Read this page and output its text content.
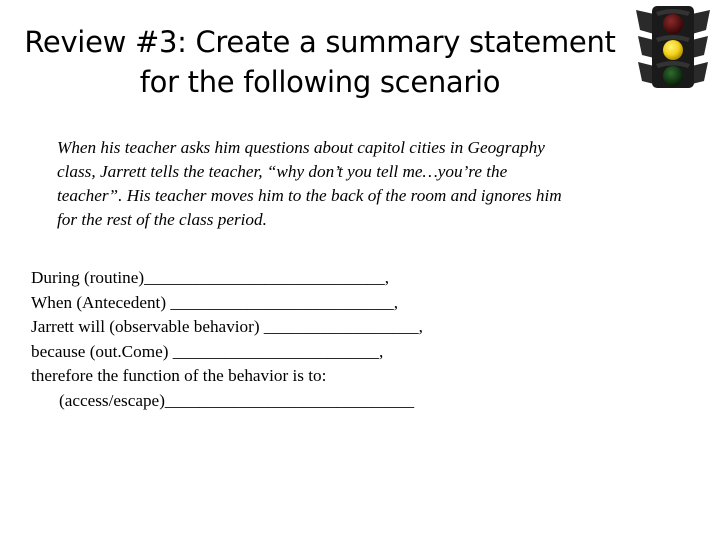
Review #3: Create a summary statement
for the following scenario
When his teacher asks him questions about capitol cities in Geography
class, Jarrett tells the teacher, “why don’t you tell me…you’re the
teacher”. His teacher moves him to the back of the room and ignores him
for the rest of the class period.
During (routine)____________________________,
When (Antecedent) __________________________,
Jarrett will (observable behavior) __________________,
because (out.Come) ________________________,
therefore the function of the behavior is to:
(access/escape)_____________________________
